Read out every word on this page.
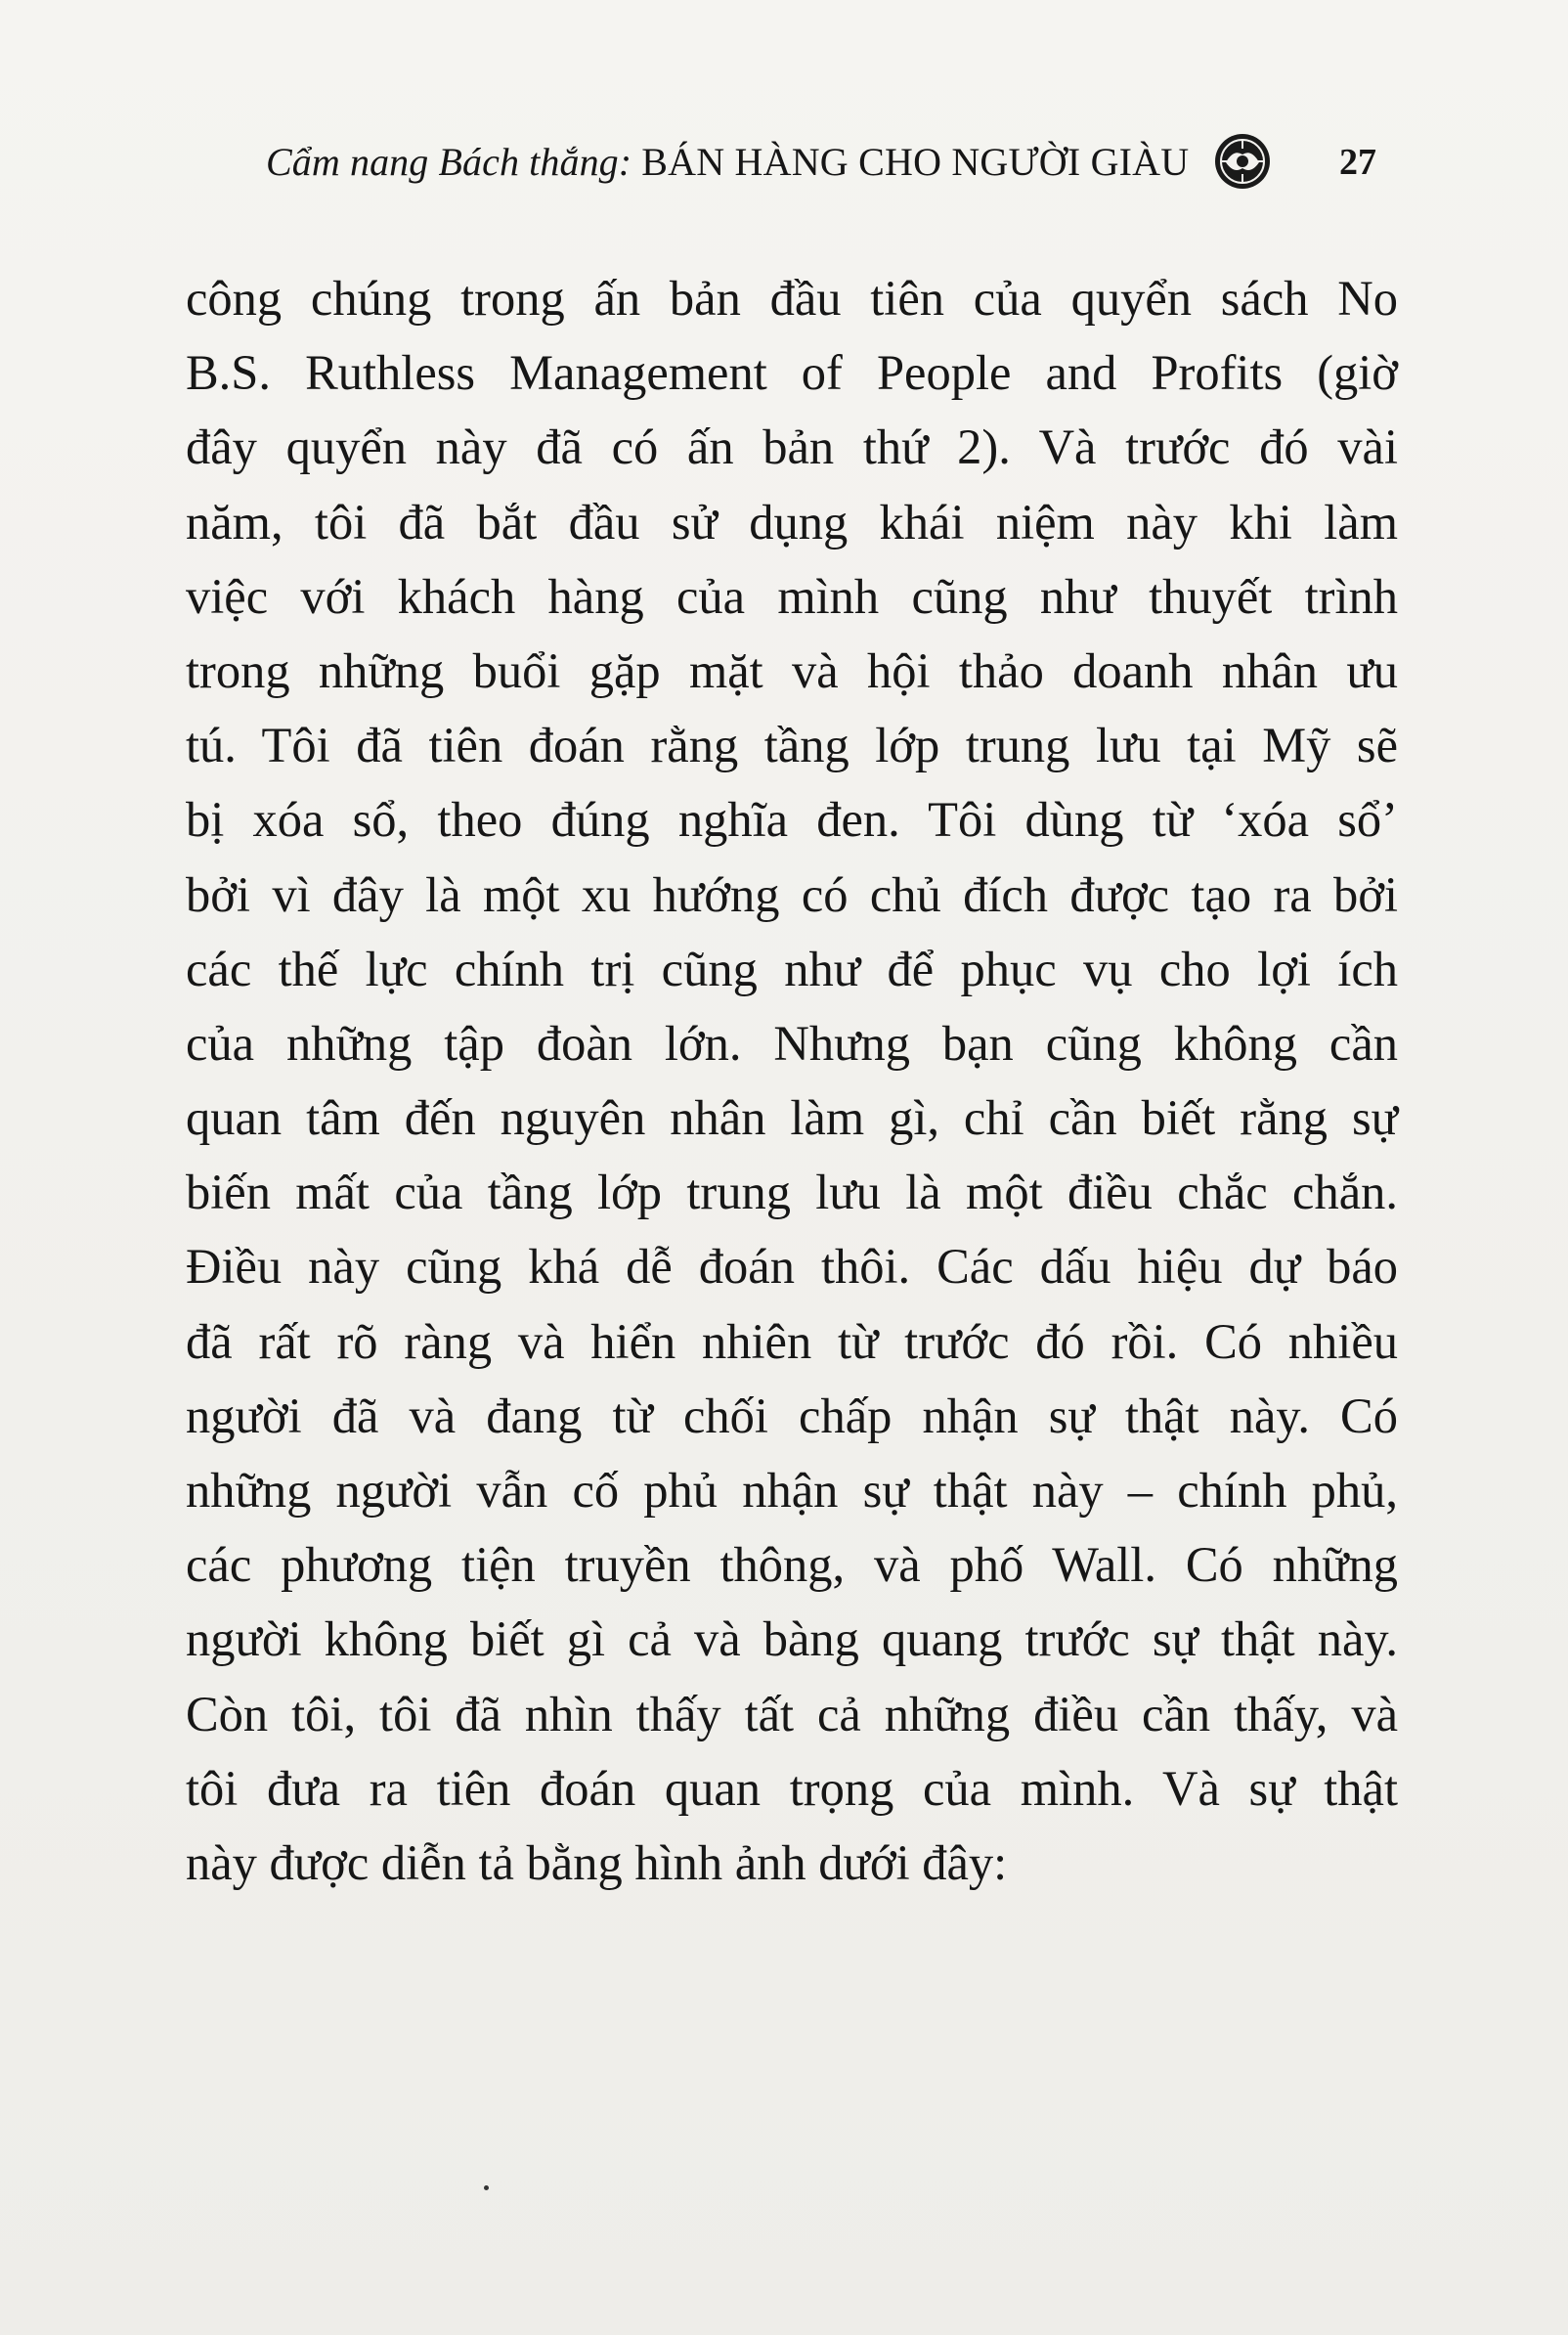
Cẩm nang Bách thắng: BÁN HÀNG CHO NGƯỜI GIÀU	27
công chúng trong ấn bản đầu tiên của quyển sách No
B.S. Ruthless Management of People and Profits (giờ
đây quyển này đã có ấn bản thứ 2). Và trước đó vài
năm, tôi đã bắt đầu sử dụng khái niệm này khi làm
việc với khách hàng của mình cũng như thuyết trình
trong những buổi gặp mặt và hội thảo doanh nhân ưu
tú. Tôi đã tiên đoán rằng tầng lớp trung lưu tại Mỹ sẽ
bị xóa sổ, theo đúng nghĩa đen. Tôi dùng từ ‘xóa sổ’
bởi vì đây là một xu hướng có chủ đích được tạo ra bởi
các thế lực chính trị cũng như để phục vụ cho lợi ích
của những tập đoàn lớn. Nhưng bạn cũng không cần
quan tâm đến nguyên nhân làm gì, chỉ cần biết rằng sự
biến mất của tầng lớp trung lưu là một điều chắc chắn.
Điều này cũng khá dễ đoán thôi. Các dấu hiệu dự báo
đã rất rõ ràng và hiển nhiên từ trước đó rồi. Có nhiều
người đã và đang từ chối chấp nhận sự thật này. Có
những người vẫn cố phủ nhận sự thật này – chính phủ,
các phương tiện truyền thông, và phố Wall. Có những
người không biết gì cả và bàng quang trước sự thật này.
Còn tôi, tôi đã nhìn thấy tất cả những điều cần thấy, và
tôi đưa ra tiên đoán quan trọng của mình. Và sự thật
này được diễn tả bằng hình ảnh dưới đây:
